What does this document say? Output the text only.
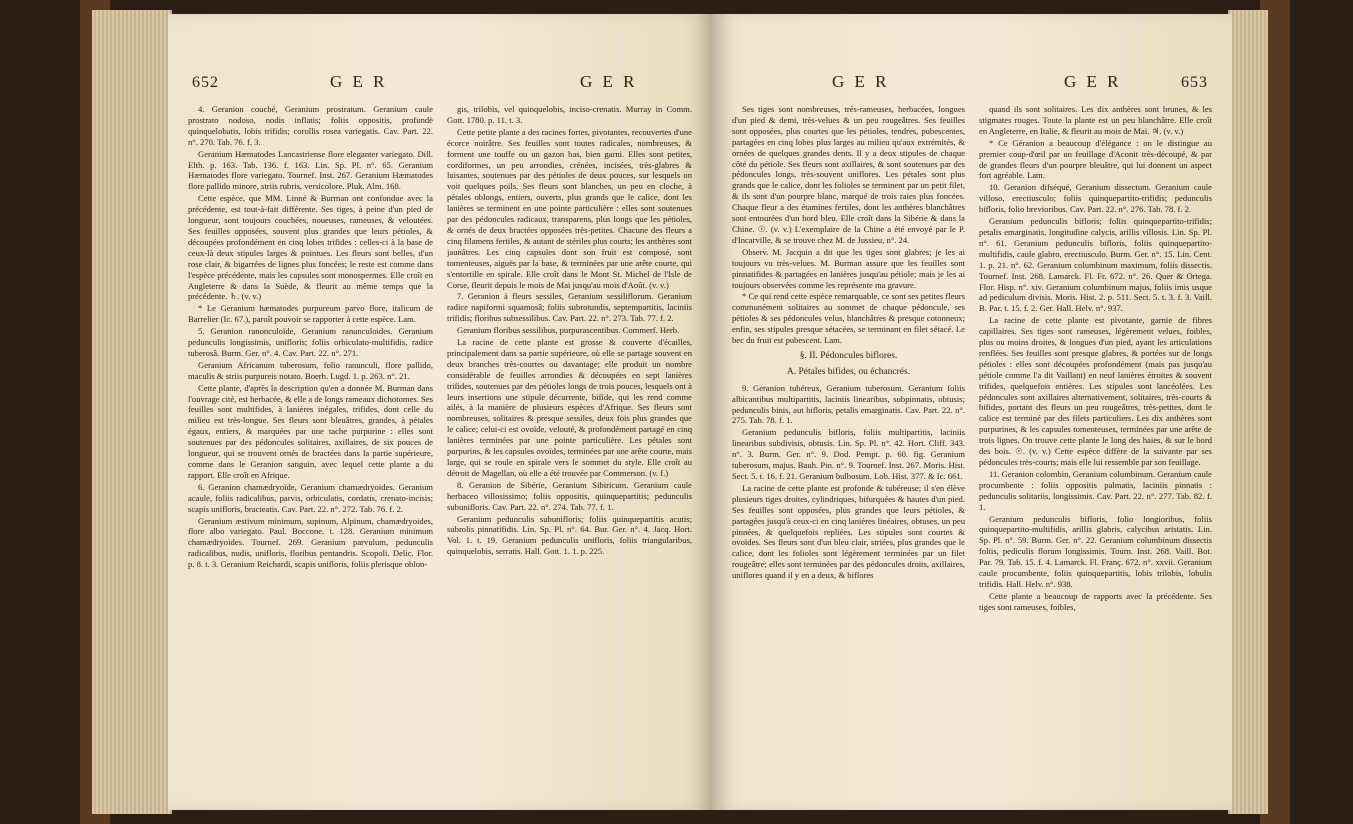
652	G E R	G E R

4. Geranion couché, Geranium prostratum. Geranium caule prostrato nodoso, nodis inflatis; foliis oppositis, profundè quinquelobatis, lobis trifidis; corollis rosea variegatis. Cav. Part. 22. n°. 270. Tab. 76. f. 3.

Geranium Hæmatodes Lancastriense flore eleganter variegato. Dill. Elth. p. 163. Tab. 136. f. 163. Lin. Sp. Pl. n°. 65. Geranium Hæmatodes flore variegato. Tournef. Inst. 267. Geranium Hæmatodes flore pallido minore, striis rubris, versicolore. Pluk. Alm. 168.

Cette espèce, que MM. Linné & Burman ont confondue avec la précédente, est tout-à-fait différente. Ses tiges, à peine d'un pied de longueur, sont toujours couchées, noueuses, rameuses, & veloutées. Ses feuilles opposées, souvent plus grandes que leurs pétioles, & découpées profondément en cinq lobes trifides : celles-ci à la base de ceux-là deux stipules larges & pointues. Les fleurs sont belles, d'un rose clair, & bigarrées de lignes plus foncées; le reste est comme dans l'espèce précédente, mais les capsules sont monospermes. Elle croît en Angleterre & dans la Suède, & fleurit au même temps que la précédente. ♄. (v. v.)

* Le Geranium hæmatodes purpureum parvo flore, italicum de Barrelier (Ic. 67.), paroît pouvoir se rapporter à cette espèce. Lam.

5. Geranion ranonculoïde, Geranium ranunculoides. Geranium pedunculis longissimis, unifloris; foliis orbiculato-multifidis, radice tuberosâ. Burm. Ger. n°. 4. Cav. Part. 22. n°. 271.

Geranium Africanum tuberosum, folio ranunculi, flore pallido, maculis & striis purpureis notato. Boerh. Lugd. 1. p. 263. n°. 21.

Cette plante, d'après la description qu'en a donnée M. Burman dans l'ouvrage cité, est herbacée, & elle a de longs rameaux dichotomes. Ses feuilles sont multifides, à lanières inégales, trifides, dont celle du milieu est très-longue. Ses fleurs sont bleuâtres, grandes, à pétales égaux, entiers, & marquées par une tache purpurine : elles sont soutenues par des pédoncules solitaires, axillaires, de six pouces de longueur, qui se trouvent ornés de bractées dans la partie supérieure, comme dans le Geranion sanguin, avec lequel cette plante a du rapport. Elle croît en Afrique.

6. Geranion chamædryoïde, Geranium chamædryoides. Geranium acaule, foliis radicalibus, parvis, orbiculatis, cordatis, crenato-incisis; scapis unifloris, bracteatis. Cav. Part. 22. n°. 272. Tab. 76. f. 2.

Geranium æstivum minimum, supinum, Alpinum, chamædryoides, flore albo variegato. Paul. Boccone. t. 128. Geranium minimum chamædryoides. Tournef. 269. Geranium parvulum, pedunculis radicalibus, nudis, unifloris, floribus pentandris. Scopoli. Delic. Flor. p. 8. t. 3. Geranium Reichardi, scapis unifloris, foliis plerisque oblon-

gis, trilobis, vel quinquelobis, inciso-crenatis. Murray in Comm. Gott. 1780. p. 11. t. 3.

Cette petite plante a des racines fortes, pivotantes, recouvertes d'une écorce noirâtre. Ses feuilles sont toutes radicales, nombreuses, & forment une touffe ou un gazon bas, bien garni. Elles sont petites, cordiformes, un peu arrondies, crénées, incisées, très-glabres & luisantes, soutenues par des pétioles de deux pouces, sur lesquels on voit quelques poils. Ses fleurs sont blanches, un peu en cloche, à pétales oblongs, entiers, ouverts, plus grands que le calice, dont les lanières se terminent en une pointe particulière : elles sont soutenues par des pédoncules radicaux, transparens, plus longs que les pétioles, & ornés de deux bractées opposées très-petites. Chacune des fleurs a cinq filamens fertiles, & autant de stériles plus courts; les anthères sont jaunâtres. Les cinq capsules dont son fruit est composé, sont tomenteuses, aiguës par la base, & terminées par une arête courte, qui s'entortille en spirale. Elle croît dans le Mont St. Michel de l'Isle de Corse, fleurit depuis le mois de Mai jusqu'au mois d'Août. (v. v.)

7. Geranion à fleurs sessiles, Geranium sessiliflorum. Geranium radice napiformi squamosâ; foliis subrotundis, septempartitis, laciniis trifidis; floribus subsessilibus. Cav. Part. 22. n°. 273. Tab. 77. f. 2.

Geranium floribus sessilibus, purpurascentibus. Commerf. Herb.

La racine de cette plante est grosse & couverte d'écailles, principalement dans sa partie supérieure, où elle se partage souvent en deux branches très-courtes ou davantage; elle produit un nombre considérable de feuilles arrondies & découpées en sept lanières trifides, soutenues par des pétioles longs de trois pouces, lesquels ont à leurs insertions une stipule décurrente, bifide, qui les rend comme ailés, à la manière de plusieurs espèces d'Afrique. Ses fleurs sont nombreuses, solitaires & presque sessiles, deux fois plus grandes que le calice; celui-ci est ovoïde, velouté, & profondément partagé en cinq lanières terminées par une pointe particulière. Les pétales sont purpurins, & les capsules ovoïdes, terminées par une arête courte, mais large, qui se roule en spirale vers le sommet du style. Elle croît au détroit de Magellan, où elle a été trouvée par Commerson. (v. f.)

8. Geranion de Sibérie, Geranium Sibiricum. Geranium caule herbaceo villosissimo; foliis oppositis, quinquepartitis; pedunculis subunifloris. Cav. Part. 22. n°. 274. Tab. 77. f. 1.

Geranium pedunculis subunifloris; foliis quinquepartitis acutis; subrolis pinnatifidis. Lin. Sp. Pl. n°. 64. Bur. Ger. n°. 4. Jacq. Hort. Vol. 1. t. 19. Geranium pedunculis unifloris, foliis triangularibus, quinquelobis, serratis. Hall. Gott. 1. 1. p. 225.

G E R	G E R	653

Ses tiges sont nombreuses, très-rameuses, herbacées, longues d'un pied & demi, très-velues & un peu rougeâtres. Ses feuilles sont opposées, plus courtes que les pétioles, tendres, pubescentes, partagées en cinq lobes plus larges au milieu qu'aux extrémités, & ornées de quelques grandes dents. Il y a deux stipules de chaque côté du pétiole. Ses fleurs sont axillaires, & sont soutenues par des pédoncules longs, très-souvent uniflores. Les pétales sont plus grands que le calice, dont les folioles se terminent par un petit filet, & ils sont d'un pourpre blanc, marqué de trois raies plus foncées. Chaque fleur a des étamines fertiles, dont les anthères blanchâtres sont entourées d'un bord bleu. Elle croît dans la Sibérie & dans la Chine. ☉. (v. v.) L'exemplaire de la Chine a été envoyé par le P. d'Incarville, & se trouve chez M. de Jussieu, n°. 24.

Observ. M. Jacquin a dit que les tiges sont glabres; je les ai toujours vu très-velues. M. Burman assure que les feuilles sont pinnatifides & partagées en lanières jusqu'au pétiole; mais je les ai toujours observées comme les représente ma gravure.

* Ce qui rend cette espèce remarquable, ce sont ses petites fleurs communément solitaires au sommet de chaque pédoncule, ses pétioles & ses pédoncules velus, blanchâtres & presque cotonneux; enfin, ses stipules presque sétacées, se terminant en filet sétacé. Le bec du fruit est pubescent. Lam.

§. II. Pédoncules biflores.

A. Pétales bifides, ou échancrés.

9. Geranion tubéreux, Geranium tuberosum. Geranium foliis albicantibus multipartitis, laciniis linearibus, subpinnatis, obtusis; pedunculis binis, aut bifloris, petalis emarginatis. Cav. Part. 22. n°. 275. Tab. 78. f. 1.

Geranium pedunculis bifloris, foliis multipartitis, laciniis linearibus subdivisis, obtusis. Lin. Sp. Pl. n°. 42. Hort. Cliff. 343. n°. 3. Burm. Ger. n°. 9. Dod. Pempt. p. 60. fig. Geranium tuberosum, majus. Bauh. Pin. n°. 9. Tournef. Inst. 267. Moris. Hist. Sect. 5. t. 16. f. 21. Geranium bulbosum. Lob. Hist. 377. & Ic. 661.

La racine de cette plante est profonde & tubéreuse; il s'en élève plusieurs tiges droites, cylindriques, bifurquées & hautes d'un pied. Ses feuilles sont opposées, plus grandes que leurs pétioles, & partagées jusqu'à ceux-ci en cinq lanières linéaires, obtuses, un peu pinnées, & quelquefois repliées. Les stipules sont courtes & ovoïdes. Ses fleurs sont d'un bleu clair, striées, plus grandes que le calice, dont les folioles sont légèrement terminées par un filet rougeâtre; elles sont terminées par des pédoncules droits, axillaires, uniflores quand il y en a deux, & biflores

quand ils sont solitaires. Les dix anthères sont brunes, & les stigmates rouges. Toute la plante est un peu blanchâtre. Elle croît en Angleterre, en Italie, & fleurit au mois de Mai. ♃. (v. v.)

* Ce Géranion a beaucoup d'élégance : on le distingue au premier coup-d'œil par un feuillage d'Aconit très-découpé, & par de grandes fleurs d'un pourpre bleuâtre, qui lui donnent un aspect fort agréable. Lam.

10. Geranion difséqué, Geranium dissectum. Geranium caule villoso, erectiusculo; foliis quinquepartito-trifidis; pedunculis bifloris, folio brevioribus. Cav. Part. 22. n°. 276. Tab. 78. f. 2.

Geranium pedunculis bifloris; foliis quinquepartito-trifidis; petalis emarginatis, longitudine calycis, arillis villosis. Lin. Sp. Pl. n°. 61. Geranium pedunculis bifloris, foliis quinquepartito-multifidis, caule glabro, erectiusculo. Burm. Ger. n°. 15. Lin. Cent. 1. p. 21. n°. 62. Geranium columbinum maximum, foliis dissectis. Tournef. Inst. 268. Lamarck. Fl. Fr. 672. n°. 26. Quer & Ortega. Flor. Hisp. n°. xiv. Geranium columbinum majus, foliis imis usque ad pediculum divisis. Moris. Hist. 2. p. 511. Sect. 5. t. 3. f. 3. Vaill. B. Par. t. 15. f. 2. Ger. Hall. Helv. n°. 937.

La racine de cette plante est pivotante, garnie de fibres capillaires. Ses tiges sont rameuses, légèrement velues, foibles, plus ou moins droites, & longues d'un pied, ayant les articulations renflées. Ses feuilles sont presque glabres, & portées sur de longs pétioles : elles sont découpées profondément (mais pas jusqu'au pétiole comme l'a dit Vaillant) en neuf lanières étroites & souvent trifides, quelquefois entières. Les stipules sont lancéolées. Les pédoncules sont axillaires alternativement, solitaires, très-courts & bifides, portant des fleurs un peu rougeâtres, très-petites, dont le calice est terminé par des filets particuliers. Les dix anthères sont purpurines, & les capsules tomenteuses, terminées par une arête de trois lignes. On trouve cette plante le long des haies, & sur le bord des bois. ☉. (v. v.) Cette espèce diffère de la suivante par ses pédoncules très-courts; mais elle lui ressemble par son feuillage.

11. Geranion colombin, Geranium columbinum. Geranium caule procumbente : foliis oppositis palmatis, laciniis pinnatis : pedunculis solitariis, longissimis. Cav. Part. 22. n°. 277. Tab. 82. f. 1.

Geranium pedunculis bifloris, folio longioribus, foliis quinquepartito-multifidis, arillis glabris, calycibus aristatis. Lin. Sp. Pl. n°. 59. Burm. Ger. n°. 22. Geranium columbinum dissectis foliis, pediculis florum longissimis. Tourn. Inst. 268. Vaill. Bot. Par. 79. Tab. 15. f. 4. Lamarck. Fl. Franç. 672. n°. xxvii. Geranium caule procumbente, foliis quinquepartitis, lobis trilobis, lobulis trifidis. Hall. Helv. n°. 938.

Cette plante a beaucoup de rapports avec la précédente. Ses tiges sont rameuses, foibles,
